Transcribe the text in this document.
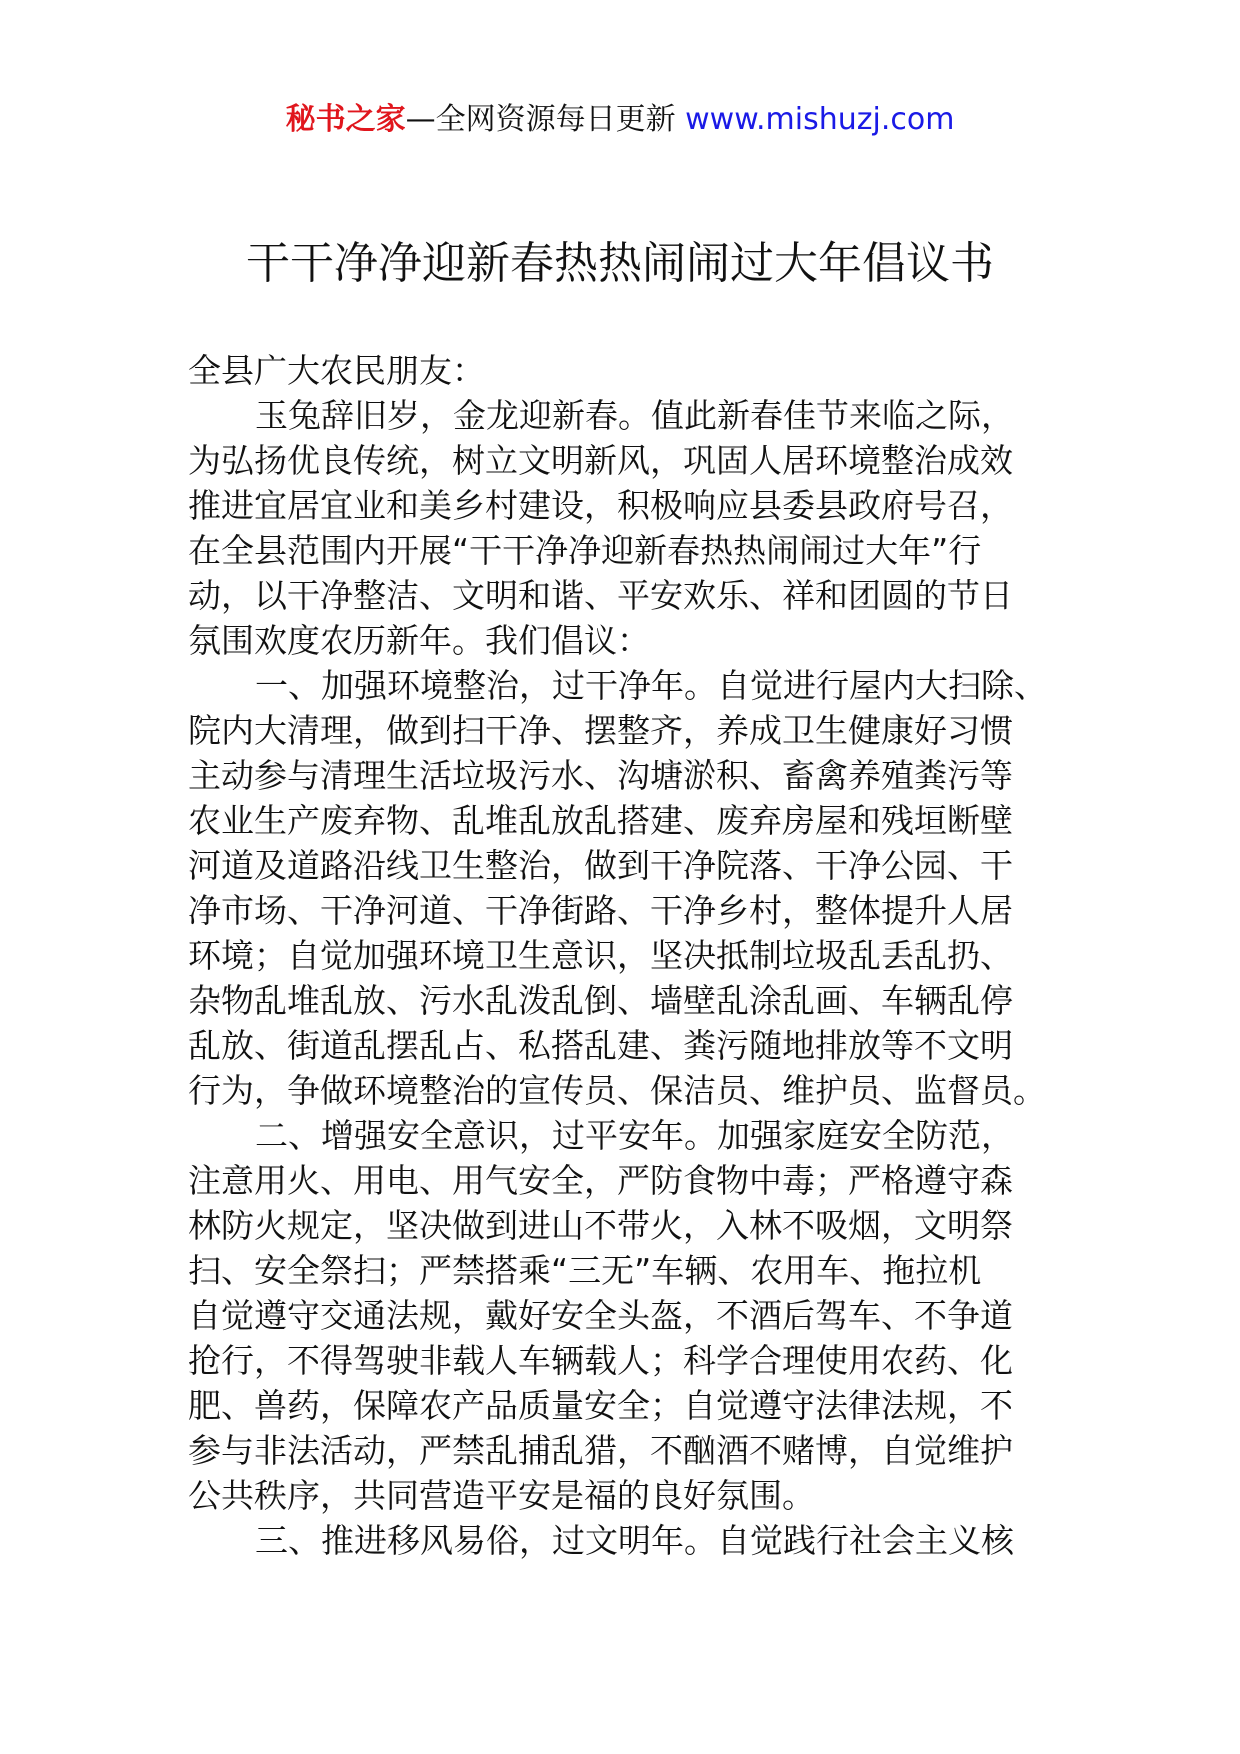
秘书之家—全网资源每日更新 www.mishuzj.com
干干净净迎新春热热闹闹过大年倡议书
全县广大农民朋友：
玉兔辞旧岁，金龙迎新春。值此新春佳节来临之际，
为弘扬优良传统，树立文明新风，巩固人居环境整治成效
推进宜居宜业和美乡村建设，积极响应县委县政府号召，
在全县范围内开展“干干净净迎新春热热闹闹过大年”行
动，以干净整洁、文明和谐、平安欢乐、祥和团圆的节日
氛围欢度农历新年。我们倡议：
一、加强环境整治，过干净年。自觉进行屋内大扫除、
院内大清理，做到扫干净、摆整齐，养成卫生健康好习惯
主动参与清理生活垃圾污水、沟塘淤积、畜禽养殖粪污等
农业生产废弃物、乱堆乱放乱搭建、废弃房屋和残垣断壁
河道及道路沿线卫生整治，做到干净院落、干净公园、干
净市场、干净河道、干净街路、干净乡村，整体提升人居
环境；自觉加强环境卫生意识，坚决抵制垃圾乱丢乱扔、
杂物乱堆乱放、污水乱泼乱倒、墙壁乱涂乱画、车辆乱停
乱放、街道乱摆乱占、私搭乱建、粪污随地排放等不文明
行为，争做环境整治的宣传员、保洁员、维护员、监督员。
二、增强安全意识，过平安年。加强家庭安全防范，
注意用火、用电、用气安全，严防食物中毒；严格遵守森
林防火规定，坚决做到进山不带火，入林不吸烟，文明祭
扫、安全祭扫；严禁搭乘“三无”车辆、农用车、拖拉机
自觉遵守交通法规，戴好安全头盔，不酒后驾车、不争道
抢行，不得驾驶非载人车辆载人；科学合理使用农药、化
肥、兽药，保障农产品质量安全；自觉遵守法律法规，不
参与非法活动，严禁乱捕乱猎，不酗酒不赌博，自觉维护
公共秩序，共同营造平安是福的良好氛围。
三、推进移风易俗，过文明年。自觉践行社会主义核
